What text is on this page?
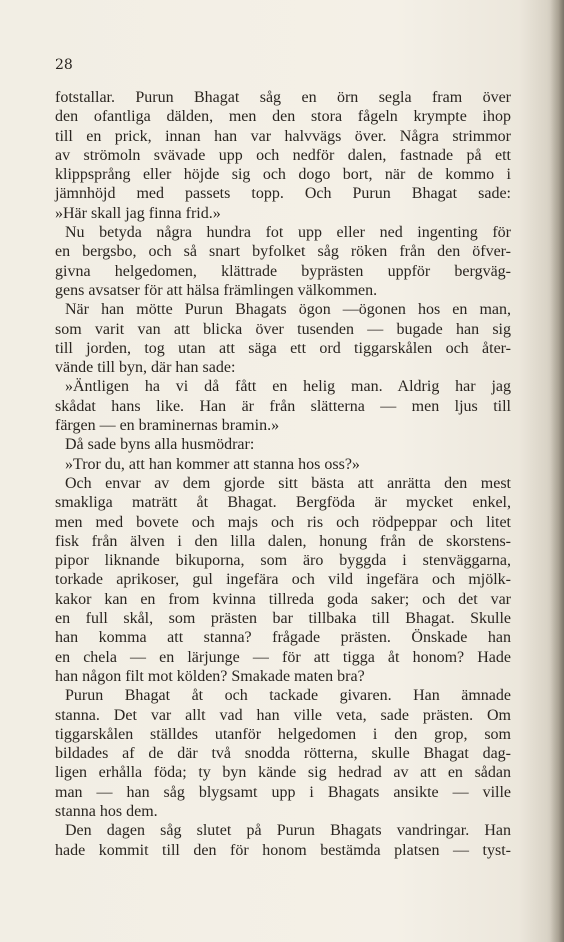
28
fotstallar. Purun Bhagat såg en örn segla fram över
den ofantliga dälden, men den stora fågeln krympte ihop
till en prick, innan han var halvvägs över. Några strimmor
av strömoln svävade upp och nedför dalen, fastnade på ett
klippsprång eller höjde sig och dogo bort, när de kommo i
jämnhöjd med passets topp. Och Purun Bhagat sade:
»Här skall jag finna frid.»
Nu betyda några hundra fot upp eller ned ingenting för
en bergsbo, och så snart byfolket såg röken från den öfver-
givna helgedomen, klättrade byprästen uppför bergväg-
gens avsatser för att hälsa främlingen välkommen.
När han mötte Purun Bhagats ögon —ögonen hos en man,
som varit van att blicka över tusenden — bugade han sig
till jorden, tog utan att säga ett ord tiggarskålen och åter-
vände till byn, där han sade:
»Äntligen ha vi då fått en helig man. Aldrig har jag
skådat hans like. Han är från slätterna — men ljus till
färgen — en braminernas bramin.»
Då sade byns alla husmödrar:
»Tror du, att han kommer att stanna hos oss?»
Och envar av dem gjorde sitt bästa att anrätta den mest
smakliga maträtt åt Bhagat. Bergföda är mycket enkel,
men med bovete och majs och ris och rödpeppar och litet
fisk från älven i den lilla dalen, honung från de skorstens-
pipor liknande bikuporna, som äro byggda i stenväggarna,
torkade aprikoser, gul ingefära och vild ingefära och mjölk-
kakor kan en from kvinna tillreda goda saker; och det var
en full skål, som prästen bar tillbaka till Bhagat. Skulle
han komma att stanna? frågade prästen. Önskade han
en chela — en lärjunge — för att tigga åt honom? Hade
han någon filt mot kölden? Smakade maten bra?
Purun Bhagat åt och tackade givaren. Han ämnade
stanna. Det var allt vad han ville veta, sade prästen. Om
tiggarskålen ställdes utanför helgedomen i den grop, som
bildades af de där två snodda rötterna, skulle Bhagat dag-
ligen erhålla föda; ty byn kände sig hedrad av att en sådan
man — han såg blygsamt upp i Bhagats ansikte — ville
stanna hos dem.
Den dagen såg slutet på Purun Bhagats vandringar. Han
hade kommit till den för honom bestämda platsen — tyst-
